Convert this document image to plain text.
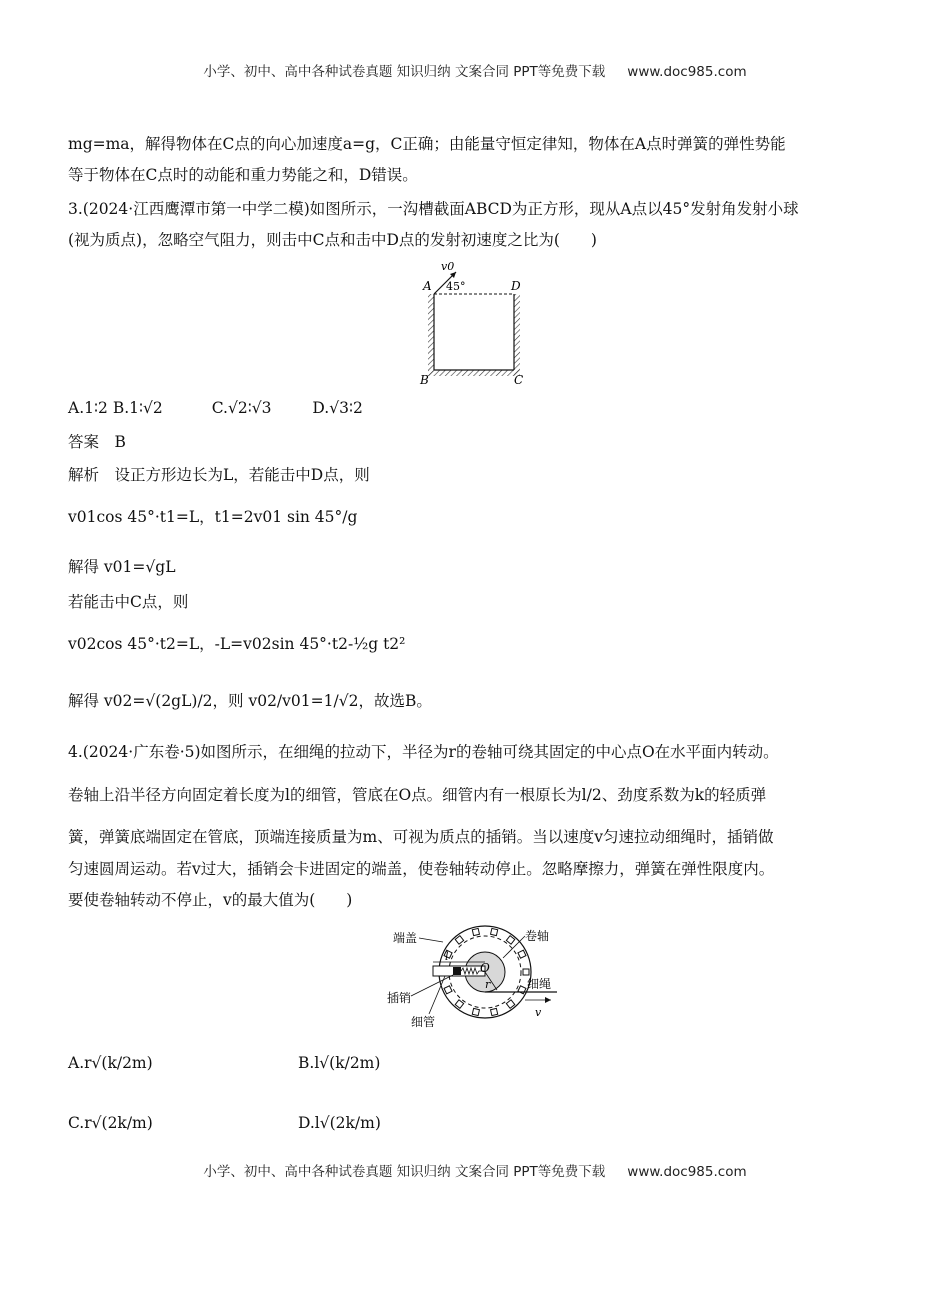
小学、初中、高中各种试卷真题 知识归纳 文案合同 PPT等免费下载 www.doc985.com
mg=ma，解得物体在C点的向心加速度a=g，C正确；由能量守恒定律知，物体在A点时弹簧的弹性势能
等于物体在C点时的动能和重力势能之和，D错误。
3.(2024·江西鹰潭市第一中学二模)如图所示，一沟槽截面ABCD为正方形，现从A点以45°发射角发射小球
(视为质点)，忽略空气阻力，则击中C点和击中D点的发射初速度之比为(　　)
v0
45°
A	D
B	C
A.1∶2 B.1∶√2	C.√2∶√3	D.√3∶2
答案　B
解析　设正方形边长为L，若能击中D点，则
v01cos 45°·t1=L，t1=2v01 sin 45°/g
解得 v01=√gL
若能击中C点，则
v02cos 45°·t2=L，-L=v02sin 45°·t2-½g t2²
解得 v02=√(2gL)/2，则 v02/v01=1/√2，故选B。
4.(2024·广东卷·5)如图所示，在细绳的拉动下，半径为r的卷轴可绕其固定的中心点O在水平面内转动。
卷轴上沿半径方向固定着长度为l的细管，管底在O点。细管内有一根原长为l/2、劲度系数为k的轻质弹
簧，弹簧底端固定在管底，顶端连接质量为m、可视为质点的插销。当以速度v匀速拉动细绳时，插销做
匀速圆周运动。若v过大，插销会卡进固定的端盖，使卷轴转动停止。忽略摩擦力，弹簧在弹性限度内。
要使卷轴转动不停止，v的最大值为(　　)
l
O
r
v
端盖	卷轴
插销
细管
细绳
A.r√(k/2m)	B.l√(k/2m)
C.r√(2k/m)	D.l√(2k/m)
小学、初中、高中各种试卷真题 知识归纳 文案合同 PPT等免费下载 www.doc985.com
